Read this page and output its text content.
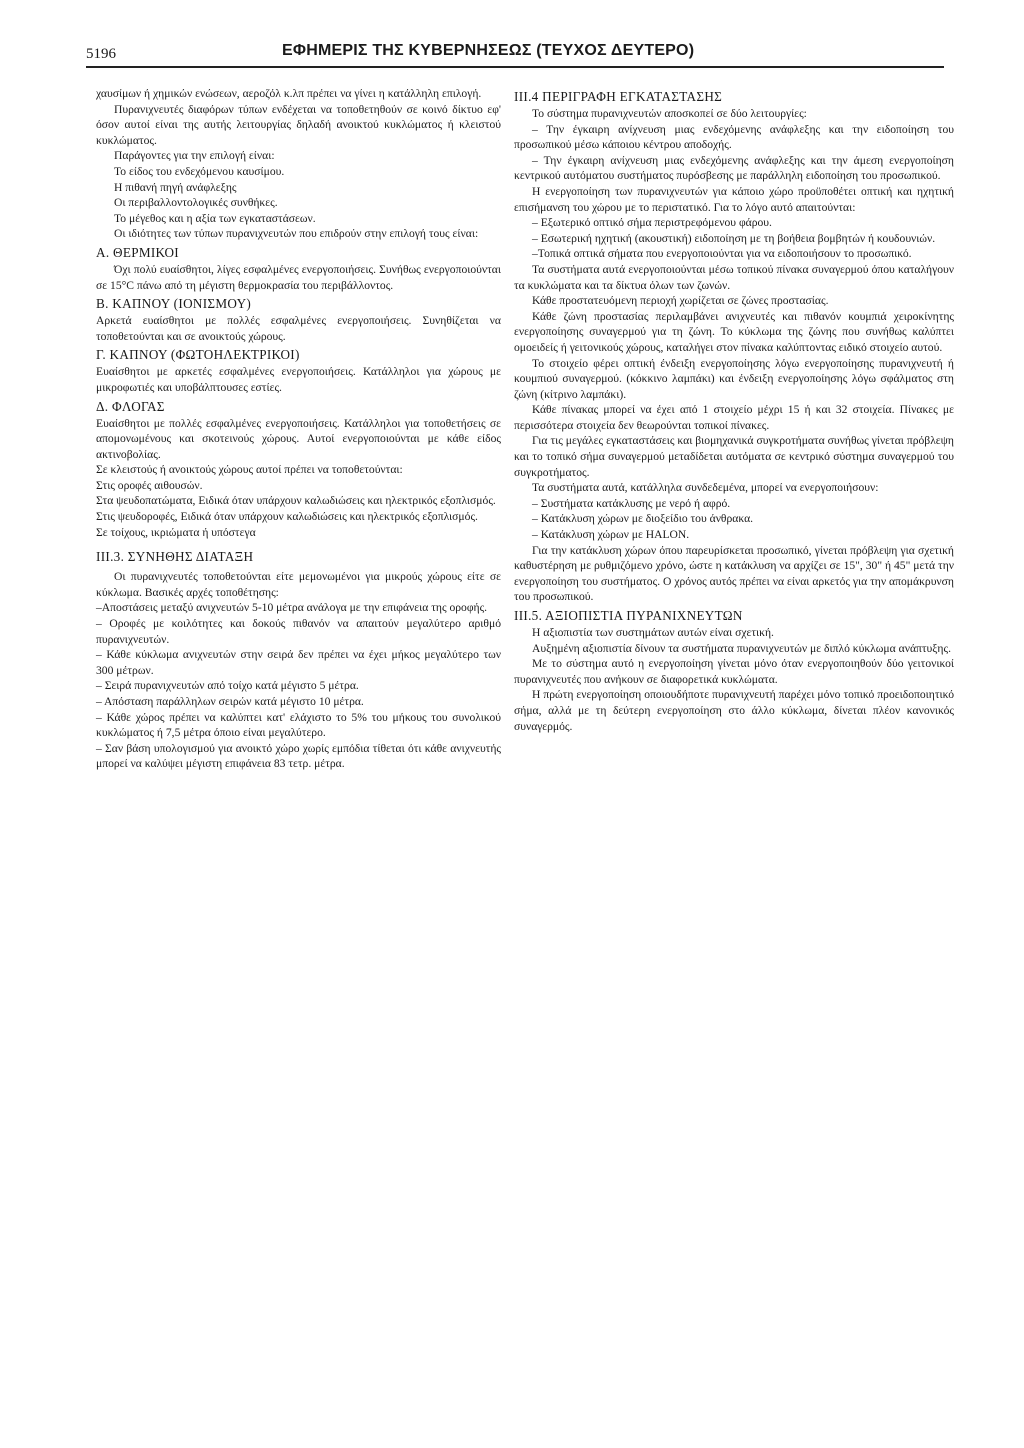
5196	ΕΦΗΜΕΡΙΣ ΤΗΣ ΚΥΒΕΡΝΗΣΕΩΣ (ΤΕΥΧΟΣ ΔΕΥΤΕΡΟ)

χαυσίμων ή χημικών ενώσεων, αεροζόλ κ.λπ πρέπει να γίνει η κατάλληλη επιλογή.

Πυρανιχνευτές διαφόρων τύπων ενδέχεται να τοποθετηθούν σε κοινό δίκτυο εφ' όσον αυτοί είναι της αυτής λειτουργίας δηλαδή ανοικτού κυκλώματος ή κλειστού κυκλώματος.

Παράγοντες για την επιλογή είναι:

Το είδος του ενδεχόμενου καυσίμου.

Η πιθανή πηγή ανάφλεξης

Οι περιβαλλοντολογικές συνθήκες.

Το μέγεθος και η αξία των εγκαταστάσεων.

Οι ιδιότητες των τύπων πυρανιχνευτών που επιδρούν στην επιλογή τους είναι:

Α. ΘΕΡΜΙΚΟΙ

Όχι πολύ ευαίσθητοι, λίγες εσφαλμένες ενεργοποιήσεις. Συνήθως ενεργοποιούνται σε 15°C πάνω από τη μέγιστη θερμοκρασία του περιβάλλοντος.

Β. ΚΑΠΝΟΥ (ΙΟΝΙΣΜΟΥ)

Αρκετά ευαίσθητοι με πολλές εσφαλμένες ενεργοποιήσεις. Συνηθίζεται να τοποθετούνται και σε ανοικτούς χώρους.

Γ. ΚΑΠΝΟΥ (ΦΩΤΟΗΛΕΚΤΡΙΚΟΙ)

Ευαίσθητοι με αρκετές εσφαλμένες ενεργοποιήσεις. Κατάλληλοι για χώρους με μικροφωτιές και υποβάλπτουσες εστίες.

Δ. ΦΛΟΓΑΣ

Ευαίσθητοι με πολλές εσφαλμένες ενεργοποιήσεις. Κατάλληλοι για τοποθετήσεις σε απομονωμένους και σκοτεινούς χώρους. Αυτοί ενεργοποιούνται με κάθε είδος ακτινοβολίας.

Σε κλειστούς ή ανοικτούς χώρους αυτοί πρέπει να τοποθετούνται:

Στις οροφές αιθουσών.

Στα ψευδοπατώματα, Ειδικά όταν υπάρχουν καλωδιώσεις και ηλεκτρικός εξοπλισμός.

Στις ψευδοροφές, Ειδικά όταν υπάρχουν καλωδιώσεις και ηλεκτρικός εξοπλισμός.

Σε τοίχους, ικριώματα ή υπόστεγα

ΙΙΙ.3. ΣΥΝΗΘΗΣ ΔΙΑΤΑΞΗ

Οι πυρανιχνευτές τοποθετούνται είτε μεμονωμένοι για μικρούς χώρους είτε σε κύκλωμα. Βασικές αρχές τοποθέτησης:

–Αποστάσεις μεταξύ ανιχνευτών 5-10 μέτρα ανάλογα με την επιφάνεια της οροφής.

– Οροφές με κοιλότητες και δοκούς πιθανόν να απαιτούν μεγαλύτερο αριθμό πυρανιχνευτών.

– Κάθε κύκλωμα ανιχνευτών στην σειρά δεν πρέπει να έχει μήκος μεγαλύτερο των 300 μέτρων.

– Σειρά πυρανιχνευτών από τοίχο κατά μέγιστο 5 μέτρα.

– Απόσταση παράλληλων σειρών κατά μέγιστο 10 μέτρα.

– Κάθε χώρος πρέπει να καλύπτει κατ' ελάχιστο το 5% του μήκους του συνολικού κυκλώματος ή 7,5 μέτρα όποιο είναι μεγαλύτερο.

– Σαν βάση υπολογισμού για ανοικτό χώρο χωρίς εμπόδια τίθεται ότι κάθε ανιχνευτής μπορεί να καλύψει μέγιστη επιφάνεια 83 τετρ. μέτρα.

ΙΙΙ.4 ΠΕΡΙΓΡΑΦΗ ΕΓΚΑΤΑΣΤΑΣΗΣ

Το σύστημα πυρανιχνευτών αποσκοπεί σε δύο λειτουργίες:

– Την έγκαιρη ανίχνευση μιας ενδεχόμενης ανάφλεξης και την ειδοποίηση του προσωπικού μέσω κάποιου κέντρου αποδοχής.

– Την έγκαιρη ανίχνευση μιας ενδεχόμενης ανάφλεξης και την άμεση ενεργοποίηση κεντρικού αυτόματου συστήματος πυρόσβεσης με παράλληλη ειδοποίηση του προσωπικού.

Η ενεργοποίηση των πυρανιχνευτών για κάποιο χώρο προϋποθέτει οπτική και ηχητική επισήμανση του χώρου με το περιστατικό. Για το λόγο αυτό απαιτούνται:

– Εξωτερικό οπτικό σήμα περιστρεφόμενου φάρου.

– Εσωτερική ηχητική (ακουστική) ειδοποίηση με τη βοήθεια βομβητών ή κουδουνιών.

–Τοπικά οπτικά σήματα που ενεργοποιούνται για να ειδοποιήσουν το προσωπικό.

Τα συστήματα αυτά ενεργοποιούνται μέσω τοπικού πίνακα συναγερμού όπου καταλήγουν τα κυκλώματα και τα δίκτυα όλων των ζωνών.

Κάθε προστατευόμενη περιοχή χωρίζεται σε ζώνες προστασίας.

Κάθε ζώνη προστασίας περιλαμβάνει ανιχνευτές και πιθανόν κουμπιά χειροκίνητης ενεργοποίησης συναγερμού για τη ζώνη. Το κύκλωμα της ζώνης που συνήθως καλύπτει ομοειδείς ή γειτονικούς χώρους, καταλήγει στον πίνακα καλύπτοντας ειδικό στοιχείο αυτού.

Το στοιχείο φέρει οπτική ένδειξη ενεργοποίησης λόγω ενεργοποίησης πυρανιχνευτή ή κουμπιού συναγερμού. (κόκκινο λαμπάκι) και ένδειξη ενεργοποίησης λόγω σφάλματος στη ζώνη (κίτρινο λαμπάκι).

Κάθε πίνακας μπορεί να έχει από 1 στοιχείο μέχρι 15 ή και 32 στοιχεία. Πίνακες με περισσότερα στοιχεία δεν θεωρούνται τοπικοί πίνακες.

Για τις μεγάλες εγκαταστάσεις και βιομηχανικά συγκροτήματα συνήθως γίνεται πρόβλεψη και το τοπικό σήμα συναγερμού μεταδίδεται αυτόματα σε κεντρικό σύστημα συναγερμού του συγκροτήματος.

Τα συστήματα αυτά, κατάλληλα συνδεδεμένα, μπορεί να ενεργοποιήσουν:

– Συστήματα κατάκλυσης με νερό ή αφρό.

– Κατάκλυση χώρων με διοξείδιο του άνθρακα.

– Κατάκλυση χώρων με HALON.

Για την κατάκλυση χώρων όπου παρευρίσκεται προσωπικό, γίνεται πρόβλεψη για σχετική καθυστέρηση με ρυθμιζόμενο χρόνο, ώστε η κατάκλυση να αρχίζει σε 15", 30" ή 45" μετά την ενεργοποίηση του συστήματος. Ο χρόνος αυτός πρέπει να είναι αρκετός για την απομάκρυνση του προσωπικού.

ΙΙΙ.5. ΑΞΙΟΠΙΣΤΙΑ ΠΥΡΑΝΙΧΝΕΥΤΩΝ

Η αξιοπιστία των συστημάτων αυτών είναι σχετική.

Αυξημένη αξιοπιστία δίνουν τα συστήματα πυρανιχνευτών με διπλό κύκλωμα ανάπτυξης.

Με το σύστημα αυτό η ενεργοποίηση γίνεται μόνο όταν ενεργοποιηθούν δύο γειτονικοί πυρανιχνευτές που ανήκουν σε διαφορετικά κυκλώματα.

Η πρώτη ενεργοποίηση οποιουδήποτε πυρανιχνευτή παρέχει μόνο τοπικό προειδοποιητικό σήμα, αλλά με τη δεύτερη ενεργοποίηση στο άλλο κύκλωμα, δίνεται πλέον κανονικός συναγερμός.
